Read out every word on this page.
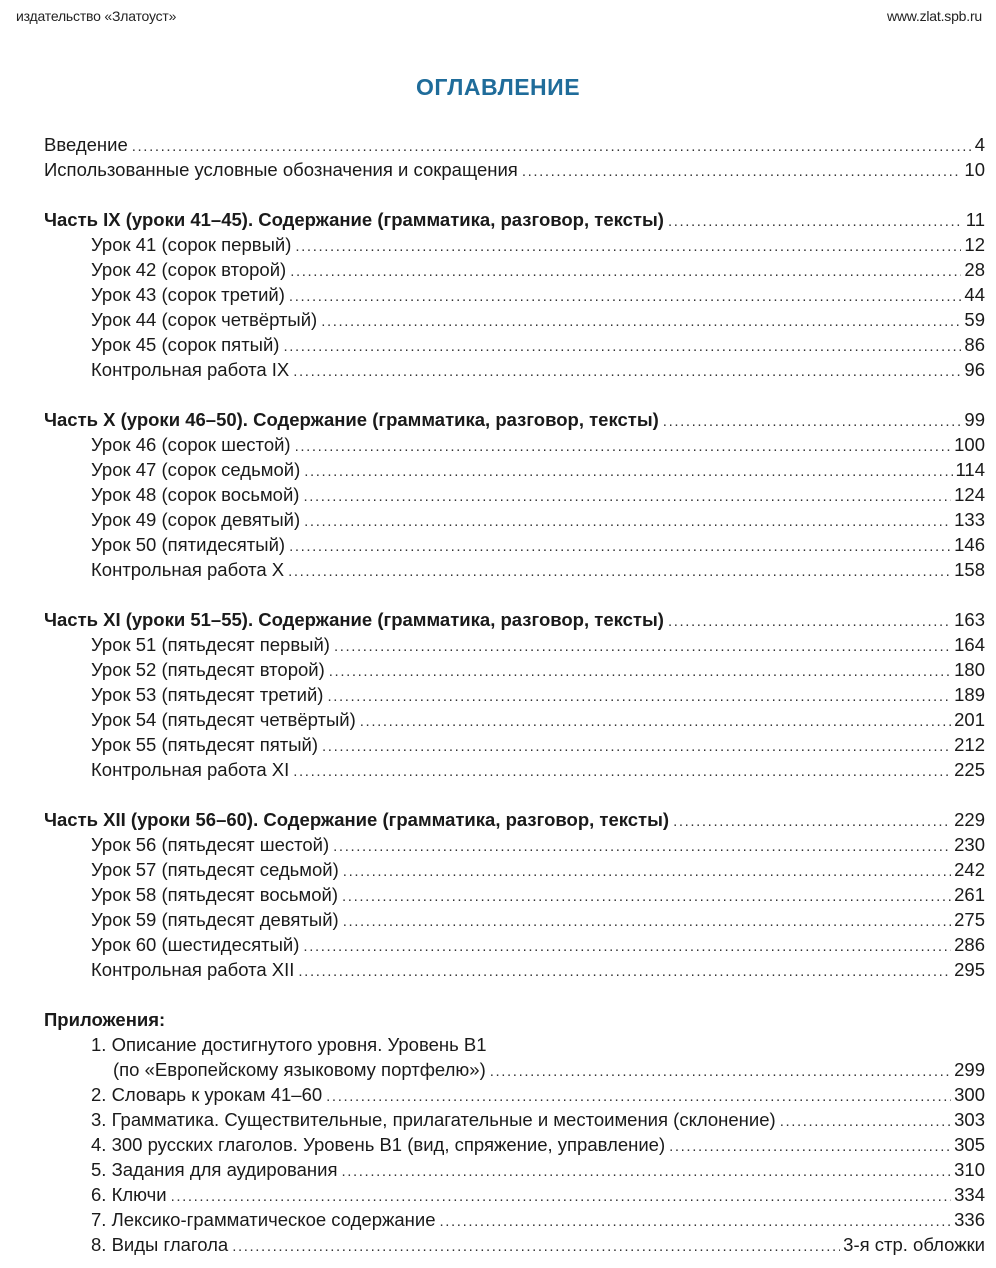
издательство «Златоуст»	www.zlat.spb.ru
ОГЛАВЛЕНИЕ
Введение .....	4
Использованные условные обозначения и сокращения .....	10
Часть IX (уроки 41–45). Содержание (грамматика, разговор, тексты) .....	11
Урок 41 (сорок первый) .....	12
Урок 42 (сорок второй) .....	28
Урок 43 (сорок третий) .....	44
Урок 44 (сорок четвёртый) .....	59
Урок 45 (сорок пятый) .....	86
Контрольная работа IX .....	96
Часть X (уроки 46–50). Содержание (грамматика, разговор, тексты) .....	99
Урок 46 (сорок шестой) .....	100
Урок 47 (сорок седьмой) .....	114
Урок 48 (сорок восьмой) .....	124
Урок 49 (сорок девятый) .....	133
Урок 50 (пятидесятый) .....	146
Контрольная работа X .....	158
Часть XI (уроки 51–55). Содержание (грамматика, разговор, тексты) .....	163
Урок 51 (пятьдесят первый) .....	164
Урок 52 (пятьдесят второй) .....	180
Урок 53 (пятьдесят третий) .....	189
Урок 54 (пятьдесят четвёртый) .....	201
Урок 55 (пятьдесят пятый) .....	212
Контрольная работа XI .....	225
Часть XII (уроки 56–60). Содержание (грамматика, разговор, тексты) .....	229
Урок 56 (пятьдесят шестой) .....	230
Урок 57 (пятьдесят седьмой) .....	242
Урок 58 (пятьдесят восьмой) .....	261
Урок 59 (пятьдесят девятый) .....	275
Урок 60 (шестидесятый) .....	286
Контрольная работа XII .....	295
Приложения:
1. Описание достигнутого уровня. Уровень В1
(по «Европейскому языковому портфелю») .....	299
2. Словарь к урокам 41–60 .....	300
3. Грамматика. Существительные, прилагательные и местоимения (склонение) .....	303
4. 300 русских глаголов. Уровень В1 (вид, спряжение, управление) .....	305
5. Задания для аудирования .....	310
6. Ключи .....	334
7. Лексико-грамматическое содержание .....	336
8. Виды глагола .....	3-я стр. обложки
